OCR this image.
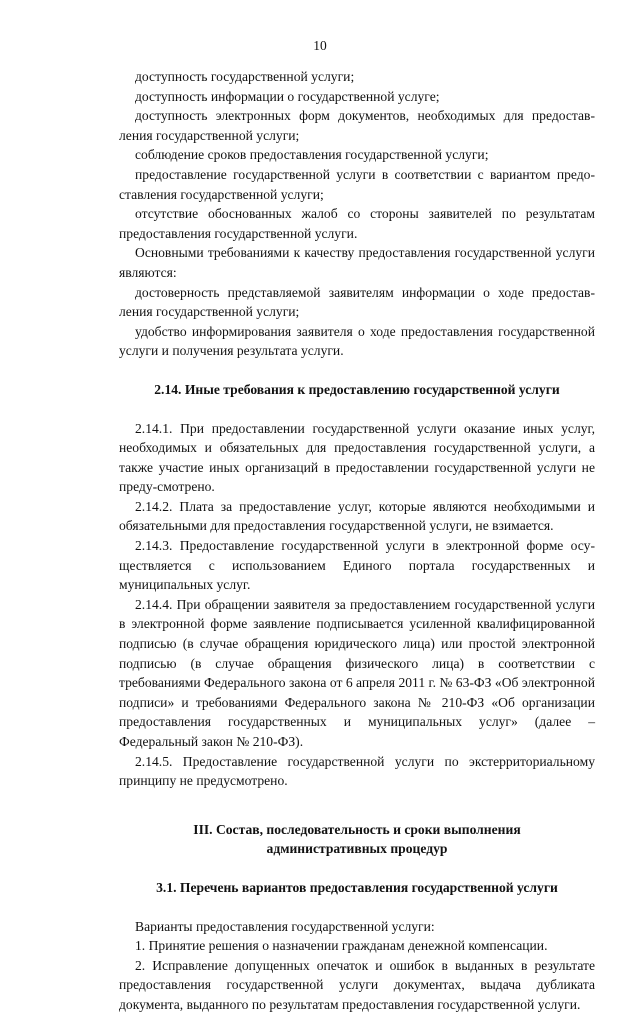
10

доступность государственной услуги;

доступность информации о государственной услуге;

доступность электронных форм документов, необходимых для предостав-ления государственной услуги;

соблюдение сроков предоставления государственной услуги;

предоставление государственной услуги в соответствии с вариантом предо-ставления государственной услуги;

отсутствие обоснованных жалоб со стороны заявителей по результатам предоставления государственной услуги.

Основными требованиями к качеству предоставления государственной услуги являются:

достоверность представляемой заявителям информации о ходе предостав-ления государственной услуги;

удобство информирования заявителя о ходе предоставления государственной услуги и получения результата услуги.

2.14. Иные требования к предоставлению государственной услуги

2.14.1. При предоставлении государственной услуги оказание иных услуг, необходимых и обязательных для предоставления государственной услуги, а также участие иных организаций в предоставлении государственной услуги не преду-смотрено.

2.14.2. Плата за предоставление услуг, которые являются необходимыми и обязательными для предоставления государственной услуги, не взимается.

2.14.3. Предоставление государственной услуги в электронной форме осу-ществляется с использованием Единого портала государственных и муниципальных услуг.

2.14.4. При обращении заявителя за предоставлением государственной услуги в электронной форме заявление подписывается усиленной квалифицированной подписью (в случае обращения юридического лица) или простой электронной подписью (в случае обращения физического лица) в соответствии с требованиями Федерального закона от 6 апреля 2011 г. № 63-ФЗ «Об электронной подписи» и требованиями Федерального закона № 210-ФЗ «Об организации предоставления государственных и муниципальных услуг» (далее – Федеральный закон № 210-ФЗ).

2.14.5. Предоставление государственной услуги по экстерриториальному принципу не предусмотрено.

III. Состав, последовательность и сроки выполнения
административных процедур
3.1. Перечень вариантов предоставления государственной услуги

Варианты предоставления государственной услуги:

1. Принятие решения о назначении гражданам денежной компенсации.

2. Исправление допущенных опечаток и ошибок в выданных в результате предоставления государственной услуги документах, выдача дубликата документа, выданного по результатам предоставления государственной услуги.
